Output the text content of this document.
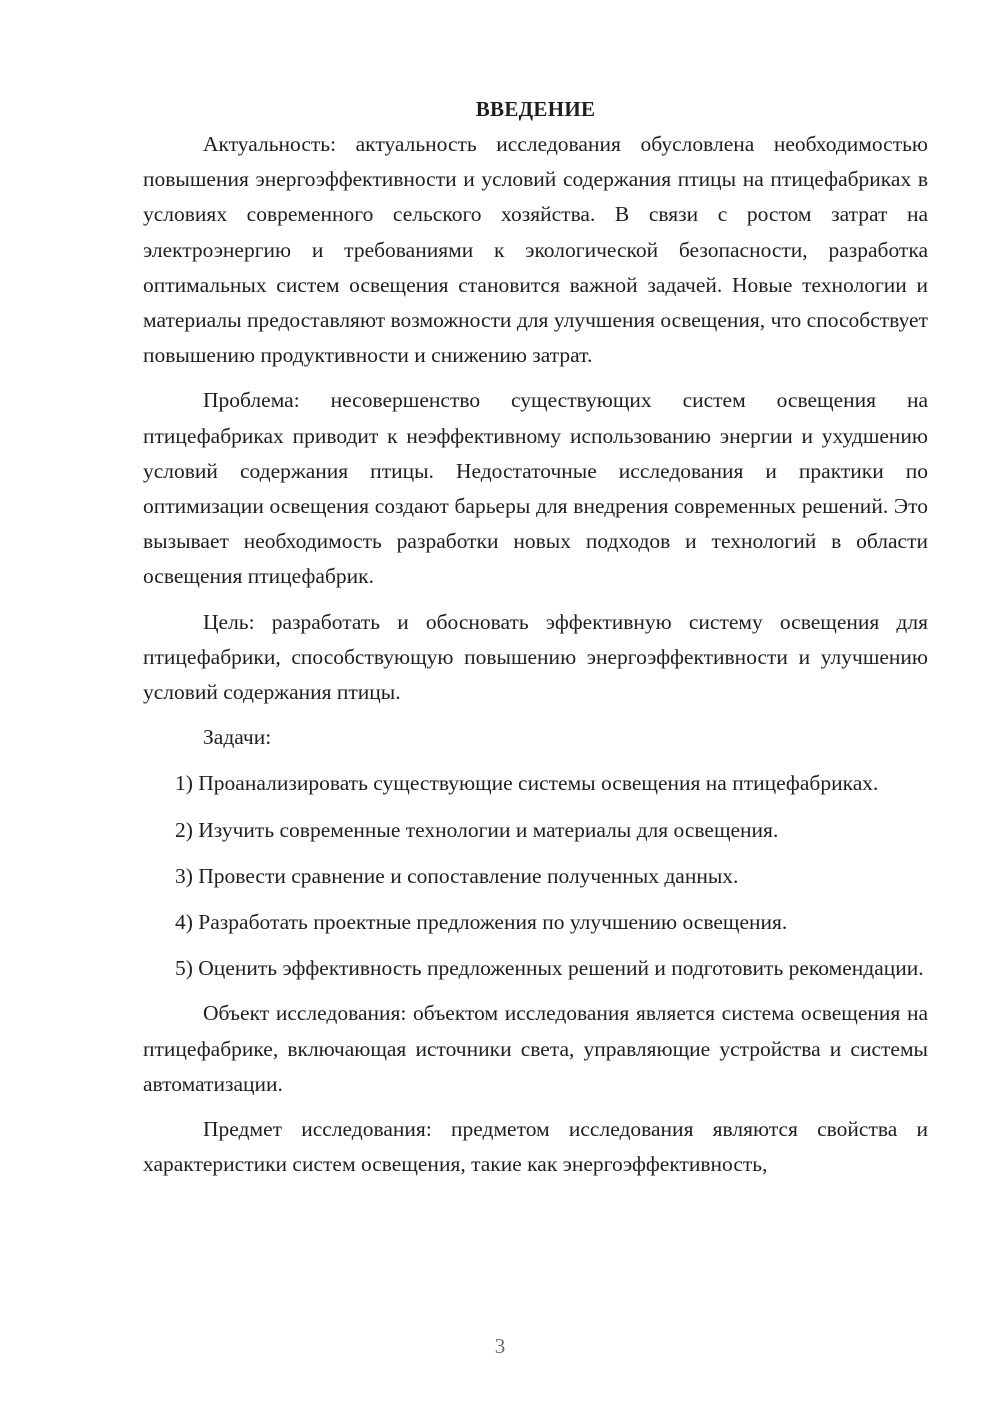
ВВЕДЕНИЕ

Актуальность: актуальность исследования обусловлена необходимостью повышения энергоэффективности и условий содержания птицы на птицефабриках в условиях современного сельского хозяйства. В связи с ростом затрат на электроэнергию и требованиями к экологической безопасности, разработка оптимальных систем освещения становится важной задачей. Новые технологии и материалы предоставляют возможности для улучшения освещения, что способствует повышению продуктивности и снижению затрат.

Проблема: несовершенство существующих систем освещения на птицефабриках приводит к неэффективному использованию энергии и ухудшению условий содержания птицы. Недостаточные исследования и практики по оптимизации освещения создают барьеры для внедрения современных решений. Это вызывает необходимость разработки новых подходов и технологий в области освещения птицефабрик.

Цель: разработать и обосновать эффективную систему освещения для птицефабрики, способствующую повышению энергоэффективности и улучшению условий содержания птицы.

Задачи:

1) Проанализировать существующие системы освещения на птицефабриках.

2) Изучить современные технологии и материалы для освещения.

3) Провести сравнение и сопоставление полученных данных.

4) Разработать проектные предложения по улучшению освещения.

5) Оценить эффективность предложенных решений и подготовить рекомендации.

Объект исследования: объектом исследования является система освещения на птицефабрике, включающая источники света, управляющие устройства и системы автоматизации.

Предмет исследования: предметом исследования являются свойства и характеристики систем освещения, такие как энергоэффективность,

3
